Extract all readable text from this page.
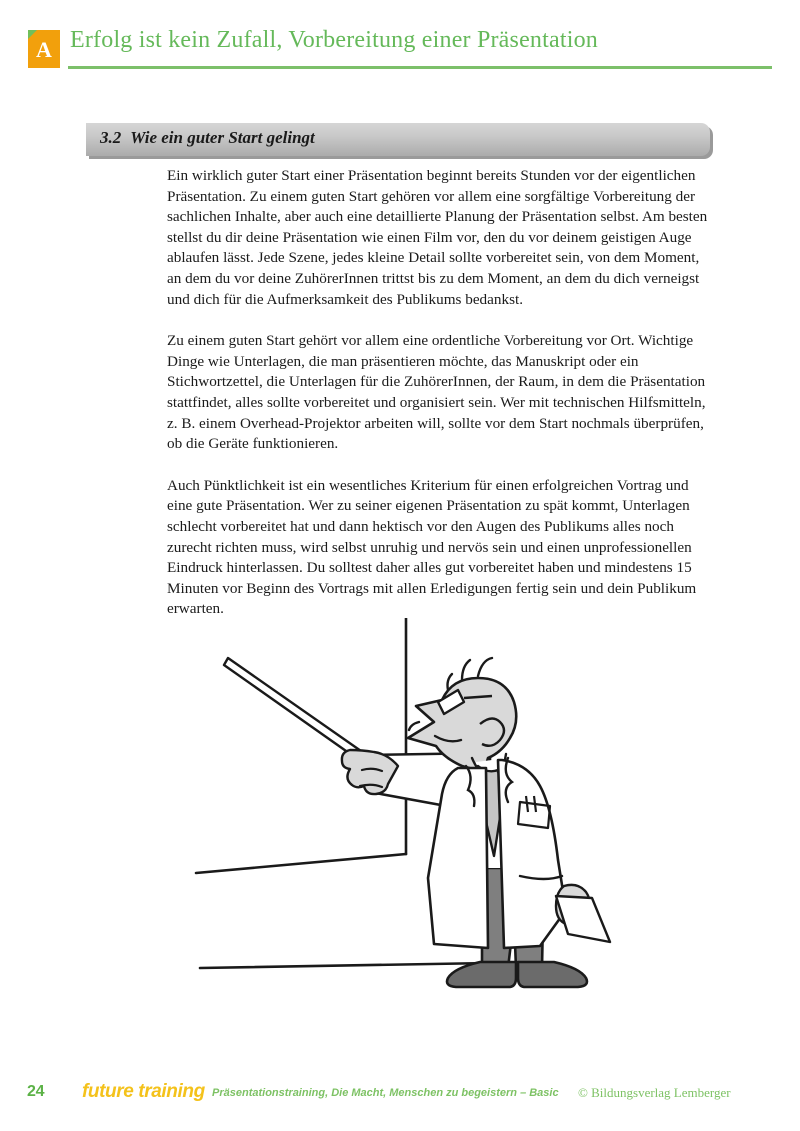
A Erfolg ist kein Zufall, Vorbereitung einer Präsentation
3.2 Wie ein guter Start gelingt

Ein wirklich guter Start einer Präsentation beginnt bereits Stunden vor der eigentlichen Präsentation. Zu einem guten Start gehören vor allem eine sorgfältige Vorbereitung der sachlichen Inhalte, aber auch eine detaillierte Planung der Präsentation selbst. Am besten stellst du dir deine Präsentation wie einen Film vor, den du vor deinem geistigen Auge ablaufen lässt. Jede Szene, jedes kleine Detail sollte vorbereitet sein, von dem Moment, an dem du vor deine ZuhörerInnen trittst bis zu dem Moment, an dem du dich verneigst und dich für die Aufmerksamkeit des Publikums bedankst.

Zu einem guten Start gehört vor allem eine ordentliche Vorbereitung vor Ort. Wichtige Dinge wie Unterlagen, die man präsentieren möchte, das Manuskript oder ein Stichwortzettel, die Unterlagen für die ZuhörerInnen, der Raum, in dem die Präsentation stattfindet, alles sollte vorbereitet und organisiert sein. Wer mit technischen Hilfsmitteln, z. B. einem Overhead-Projektor arbeiten will, sollte vor dem Start nochmals überprüfen, ob die Geräte funktionieren.

Auch Pünktlichkeit ist ein wesentliches Kriterium für einen erfolgreichen Vortrag und eine gute Präsentation. Wer zu seiner eigenen Präsentation zu spät kommt, Unterlagen schlecht vorbereitet hat und dann hektisch vor den Augen des Publikums alles noch zurecht richten muss, wird selbst unruhig und nervös sein und einen unprofessionellen Eindruck hinterlassen. Du solltest daher alles gut vorbereitet haben und mindestens 15 Minuten vor Beginn des Vortrags mit allen Erledigungen fertig sein und dein Publikum erwarten.

24 future training Präsentationstraining, Die Macht, Menschen zu begeistern – Basic © Bildungsverlag Lemberger
